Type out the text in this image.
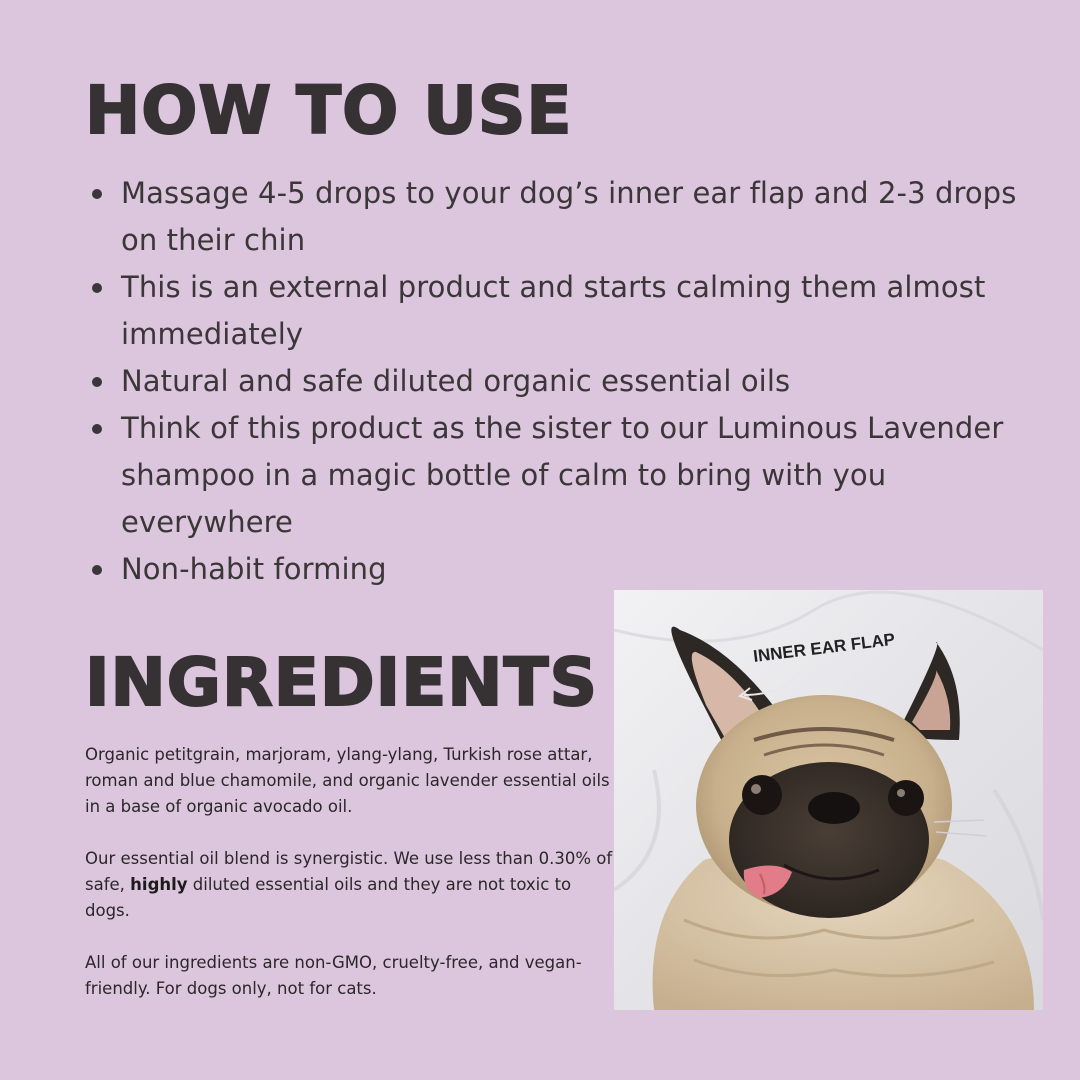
HOW TO USE
Massage 4-5 drops to your dog’s inner ear flap and 2-3 drops on their chin
This is an external product and starts calming them almost immediately
Natural and safe diluted organic essential oils
Think of this product as the sister to our Luminous Lavender shampoo in a magic bottle of calm to bring with you everywhere
Non-habit forming
INGREDIENTS

Organic petitgrain, marjoram, ylang-ylang, Turkish rose attar, roman and blue chamomile, and organic lavender essential oils in a base of organic avocado oil.

Our essential oil blend is synergistic. We use less than 0.30% of safe, highly diluted essential oils and they are not toxic to dogs.

All of our ingredients are non-GMO, cruelty-free, and vegan-friendly. For dogs only, not for cats.

INNER EAR FLAP
